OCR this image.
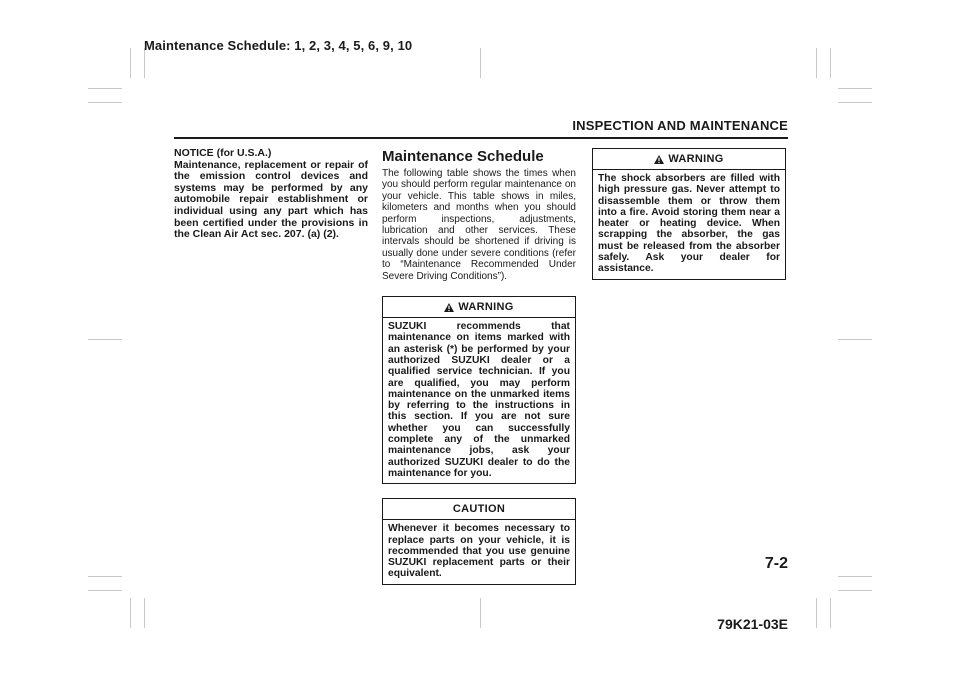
Maintenance Schedule: 1, 2, 3, 4, 5, 6, 9, 10
INSPECTION AND MAINTENANCE

NOTICE (for U.S.A.)
Maintenance, replacement or repair of the emission control devices and systems may be performed by any automobile repair establishment or individual using any part which has been certified under the provisions in the Clean Air Act sec. 207. (a) (2).

Maintenance Schedule

The following table shows the times when you should perform regular maintenance on your vehicle. This table shows in miles, kilometers and months when you should perform inspections, adjustments, lubrication and other services. These intervals should be shortened if driving is usually done under severe conditions (refer to “Maintenance Recommended Under Severe Driving Conditions”).

WARNING

SUZUKI recommends that maintenance on items marked with an asterisk (*) be performed by your authorized SUZUKI dealer or a qualified service technician. If you are qualified, you may perform maintenance on the unmarked items by referring to the instructions in this section. If you are not sure whether you can successfully complete any of the unmarked maintenance jobs, ask your authorized SUZUKI dealer to do the maintenance for you.

CAUTION

Whenever it becomes necessary to replace parts on your vehicle, it is recommended that you use genuine SUZUKI replacement parts or their equivalent.

WARNING

The shock absorbers are filled with high pressure gas. Never attempt to disassemble them or throw them into a fire. Avoid storing them near a heater or heating device. When scrapping the absorber, the gas must be released from the absorber safely. Ask your dealer for assistance.

7-2
79K21-03E
